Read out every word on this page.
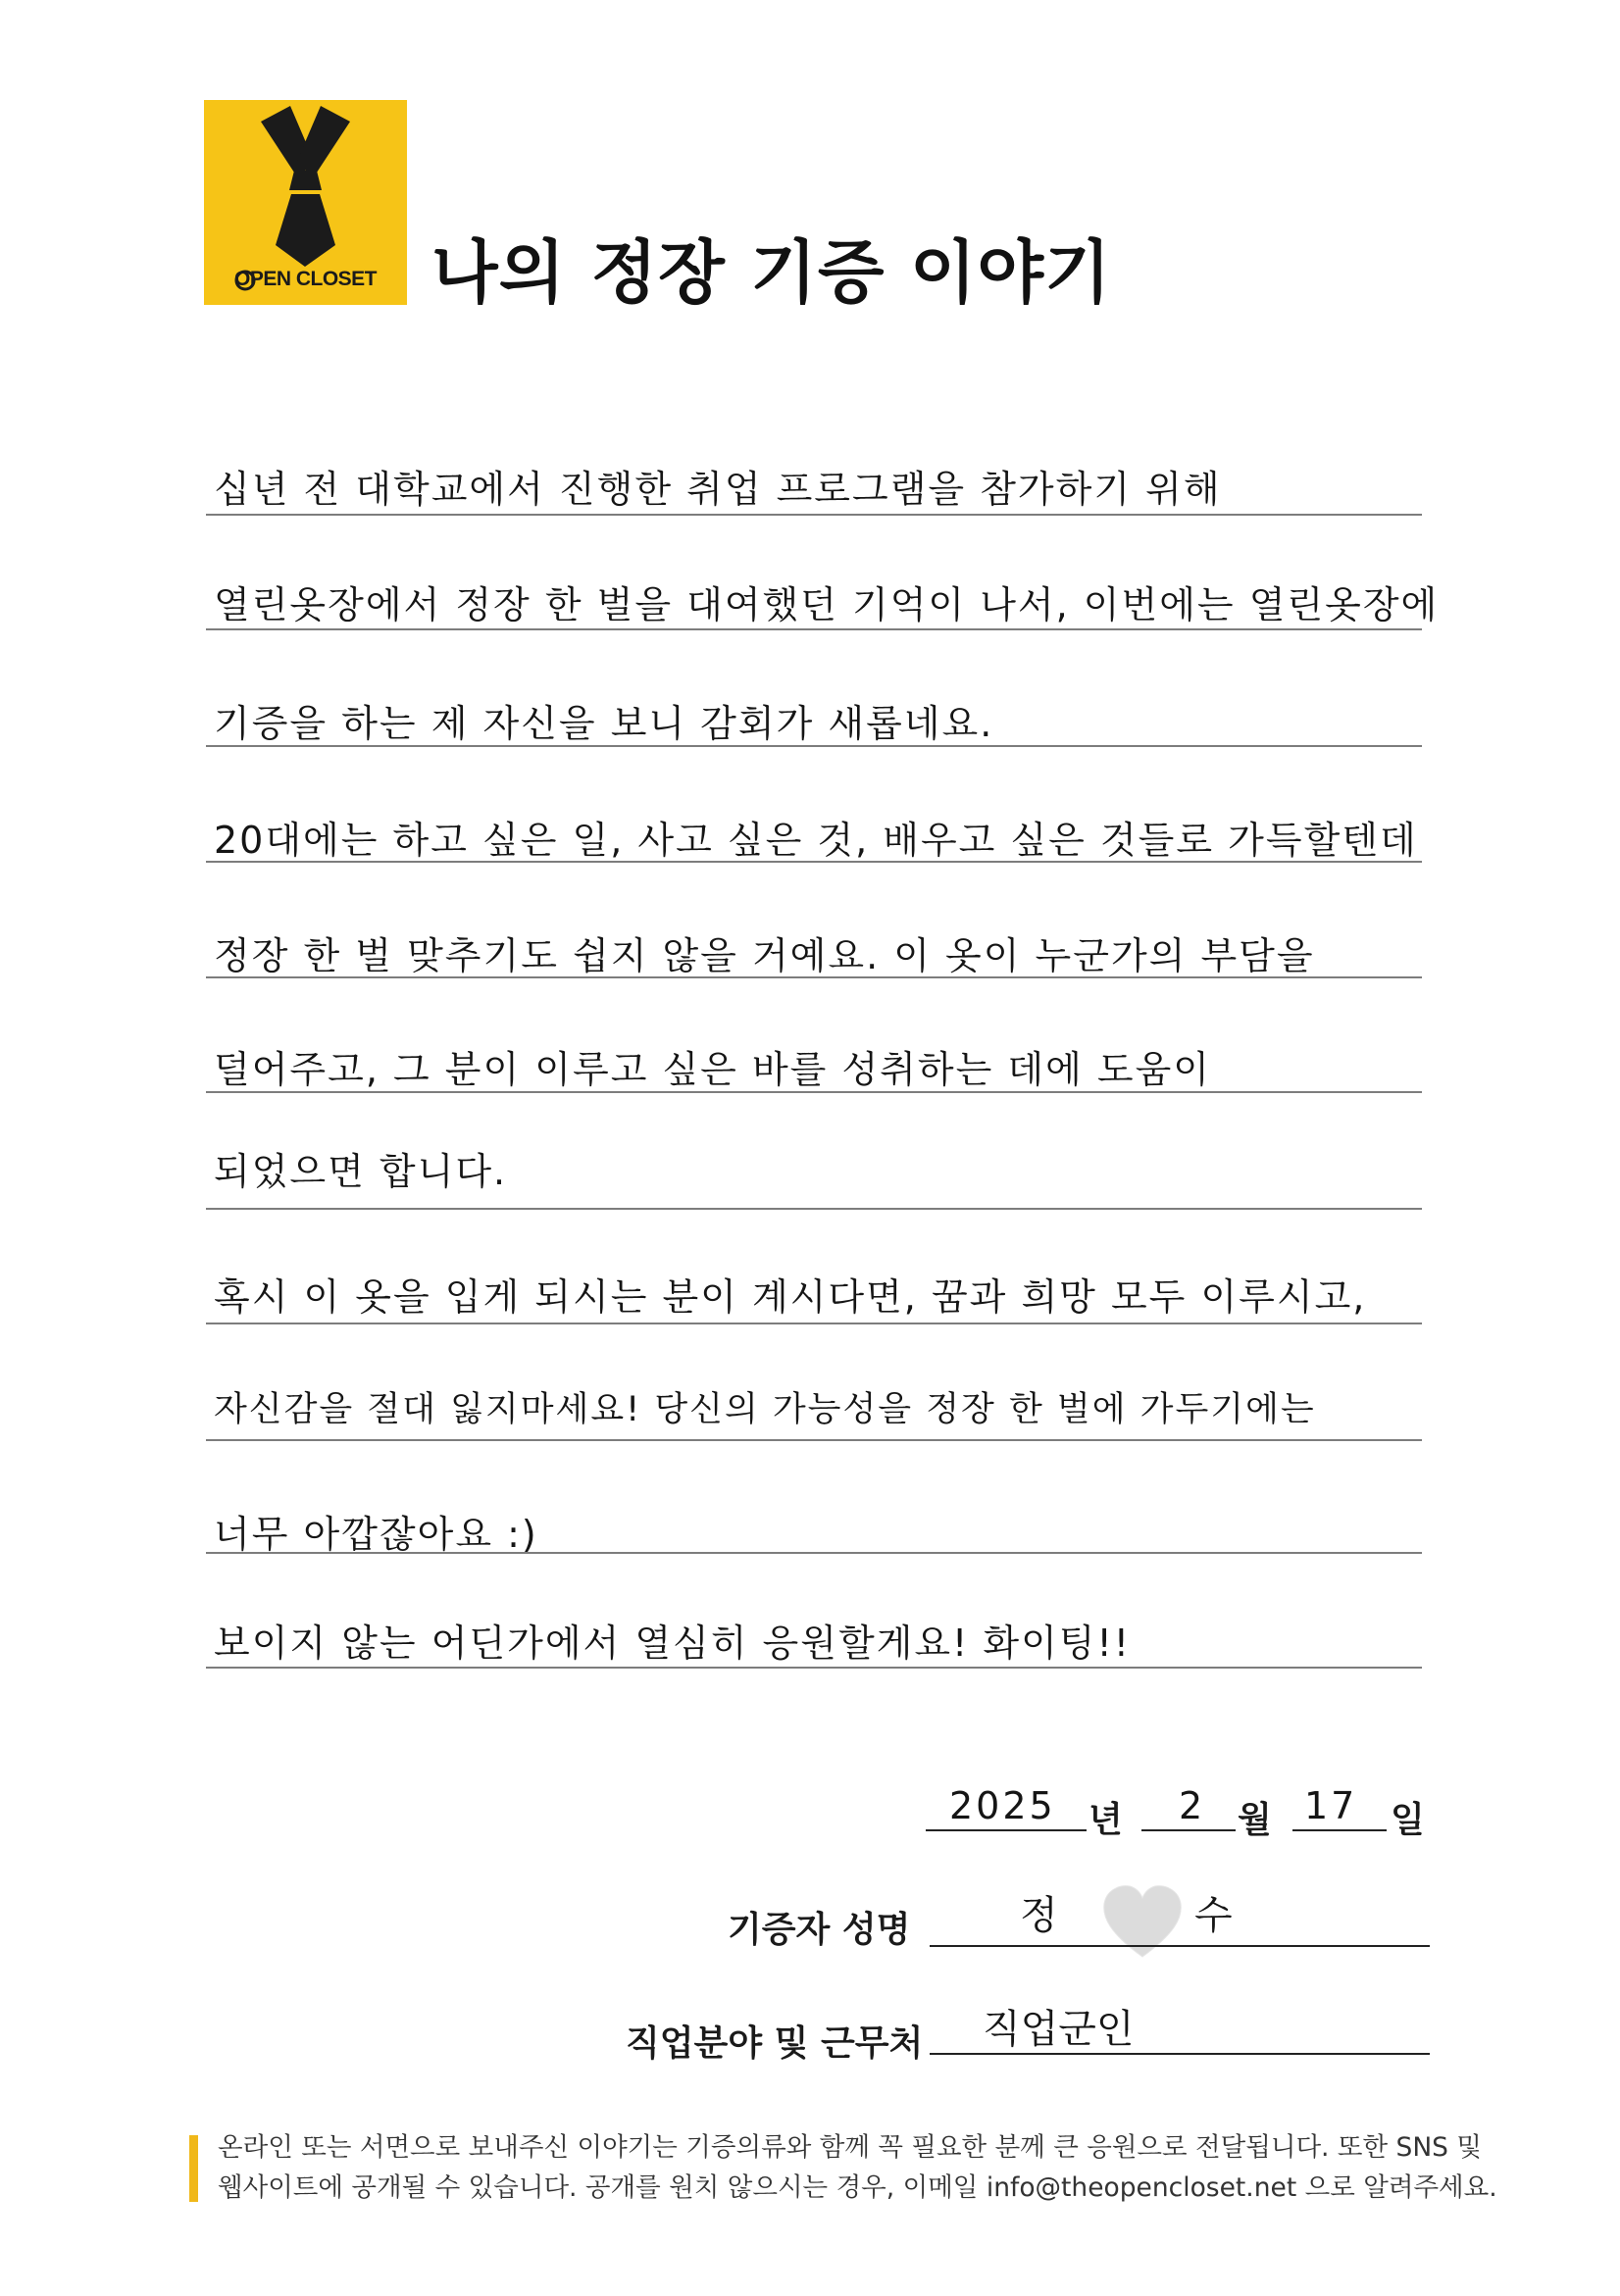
OPEN CLOSET 나의 정장 기증 이야기
십년 전 대학교에서 진행한 취업 프로그램을 참가하기 위해
열린옷장에서 정장 한 벌을 대여했던 기억이 나서, 이번에는 열린옷장에
기증을 하는 제 자신을 보니 감회가 새롭네요.
20대에는 하고 싶은 일, 사고 싶은 것, 배우고 싶은 것들로 가득할텐데
정장 한 벌 맞추기도 쉽지 않을 거예요. 이 옷이 누군가의 부담을
덜어주고, 그 분이 이루고 싶은 바를 성취하는 데에 도움이
되었으면 합니다.
혹시 이 옷을 입게 되시는 분이 계시다면, 꿈과 희망 모두 이루시고,
자신감을 절대 잃지마세요! 당신의 가능성을 정장 한 벌에 가두기에는
너무 아깝잖아요 :)
보이지 않는 어딘가에서 열심히 응원할게요! 화이팅!!
2025 년 2 월 17 일
기증자 성명	정	수
직업분야 및 근무처 직업군인
온라인 또는 서면으로 보내주신 이야기는 기증의류와 함께 꼭 필요한 분께 큰 응원으로 전달됩니다. 또한 SNS 및
웹사이트에 공개될 수 있습니다. 공개를 원치 않으시는 경우, 이메일 info@theopencloset.net 으로 알려주세요.
